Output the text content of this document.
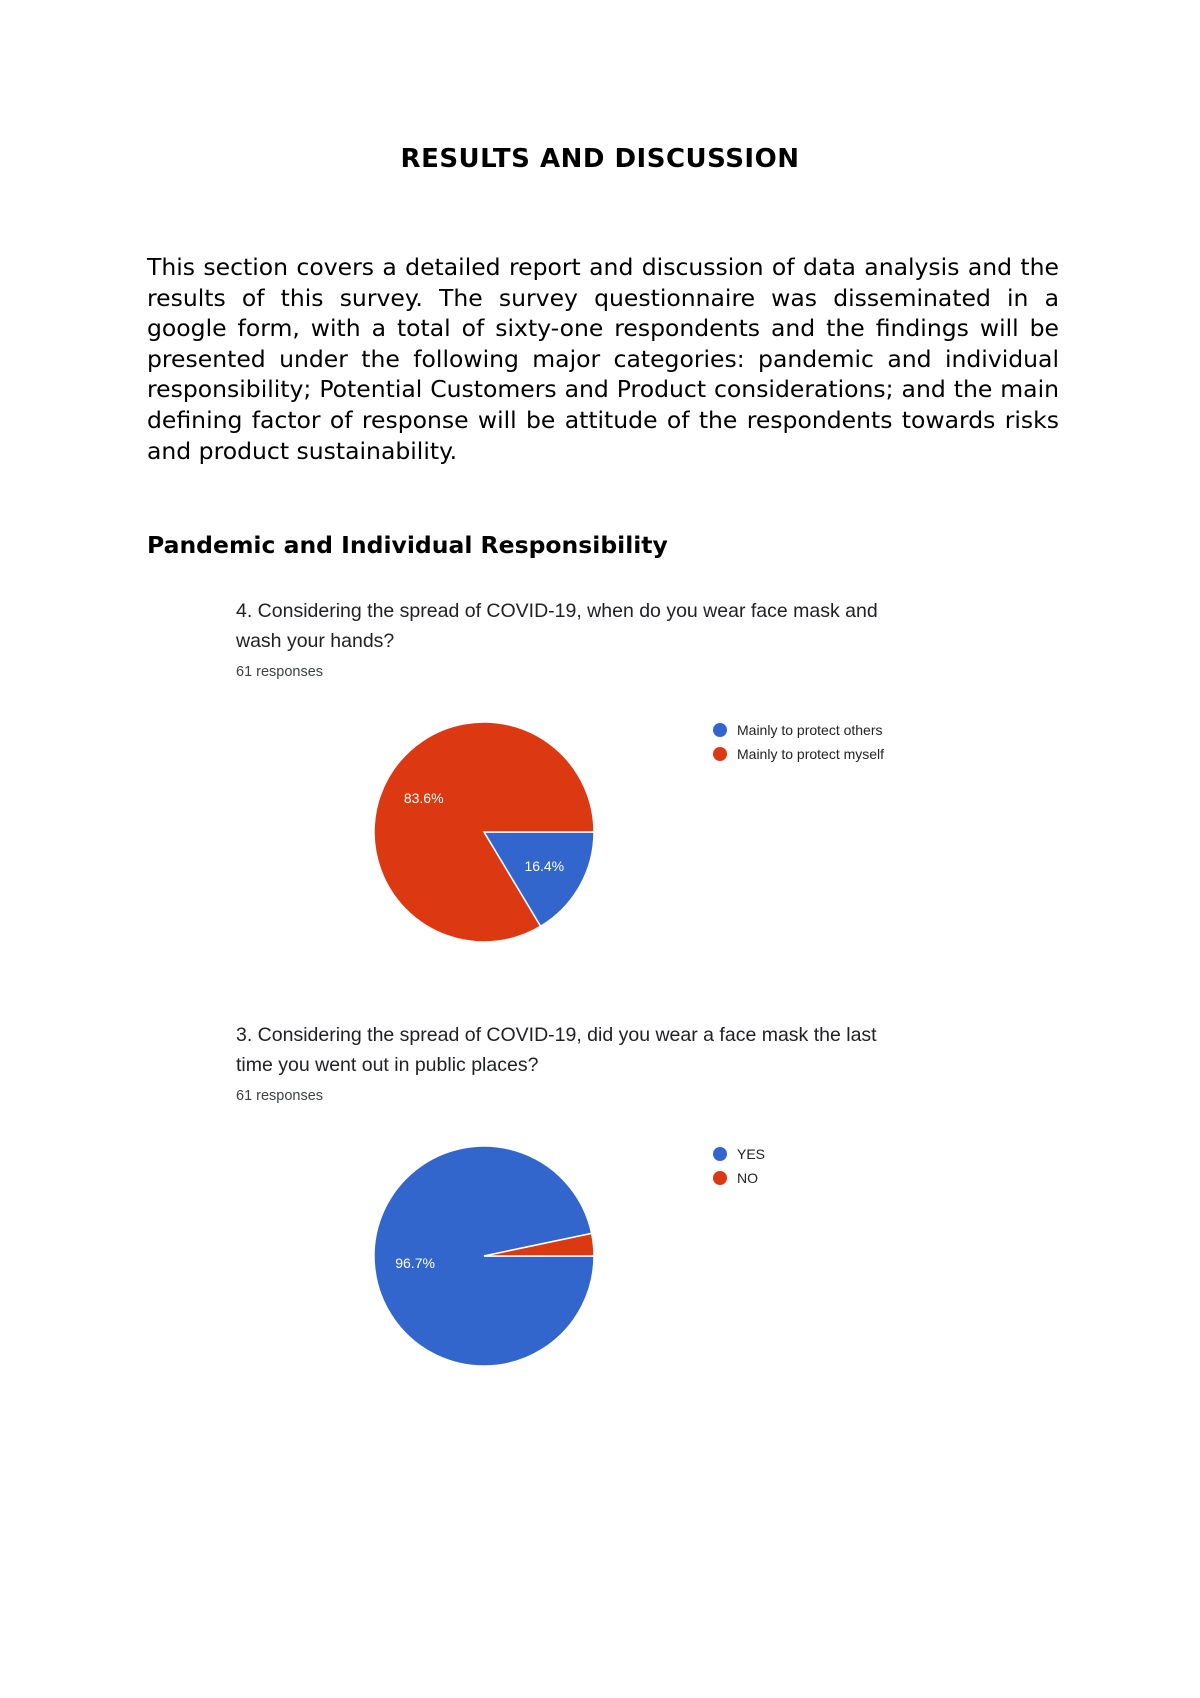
RESULTS AND DISCUSSION

This section covers a detailed report and discussion of data analysis and the results of this survey. The survey questionnaire was disseminated in a google form, with a total of sixty-one respondents and the findings will be presented under the following major categories: pandemic and individual responsibility; Potential Customers and Product considerations; and the main defining factor of response will be attitude of the respondents towards risks and product sustainability.

Pandemic and Individual Responsibility

4. Considering the spread of COVID-19, when do you wear face mask and wash your hands?

61 responses

16.4%
83.6%
Mainly to protect others
Mainly to protect myself

3. Considering the spread of COVID-19, did you wear a face mask the last time you went out in public places?

61 responses

96.7%
YES
NO
